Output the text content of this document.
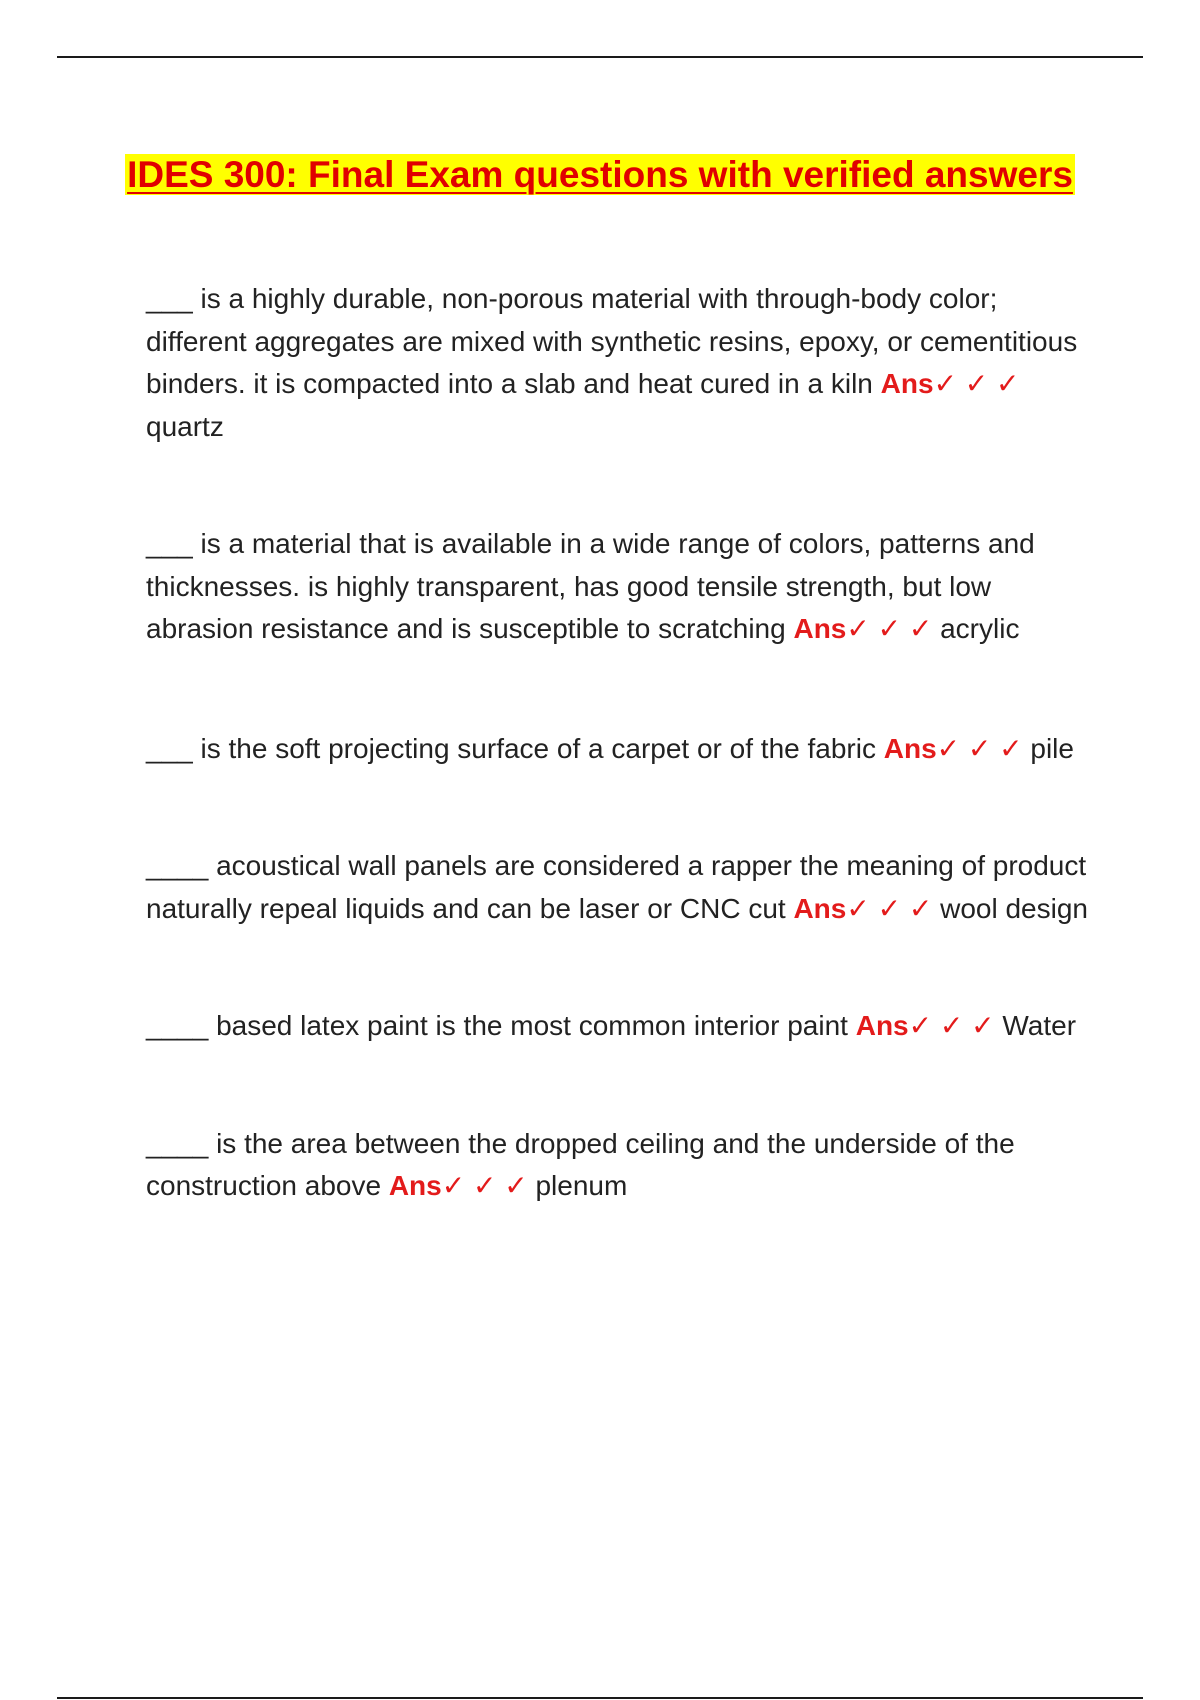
IDES 300: Final Exam questions with verified answers

___ is a highly durable, non-porous material with through-body color; different aggregates are mixed with synthetic resins, epoxy, or cementitious binders. it is compacted into a slab and heat cured in a kiln Ans✓ ✓ ✓ quartz

___ is a material that is available in a wide range of colors, patterns and thicknesses. is highly transparent, has good tensile strength, but low abrasion resistance and is susceptible to scratching Ans✓ ✓ ✓ acrylic

___ is the soft projecting surface of a carpet or of the fabric Ans✓ ✓ ✓ pile

____ acoustical wall panels are considered a rapper the meaning of product naturally repeal liquids and can be laser or CNC cut Ans✓ ✓ ✓ wool design

____ based latex paint is the most common interior paint Ans✓ ✓ ✓ Water

____ is the area between the dropped ceiling and the underside of the construction above Ans✓ ✓ ✓ plenum
